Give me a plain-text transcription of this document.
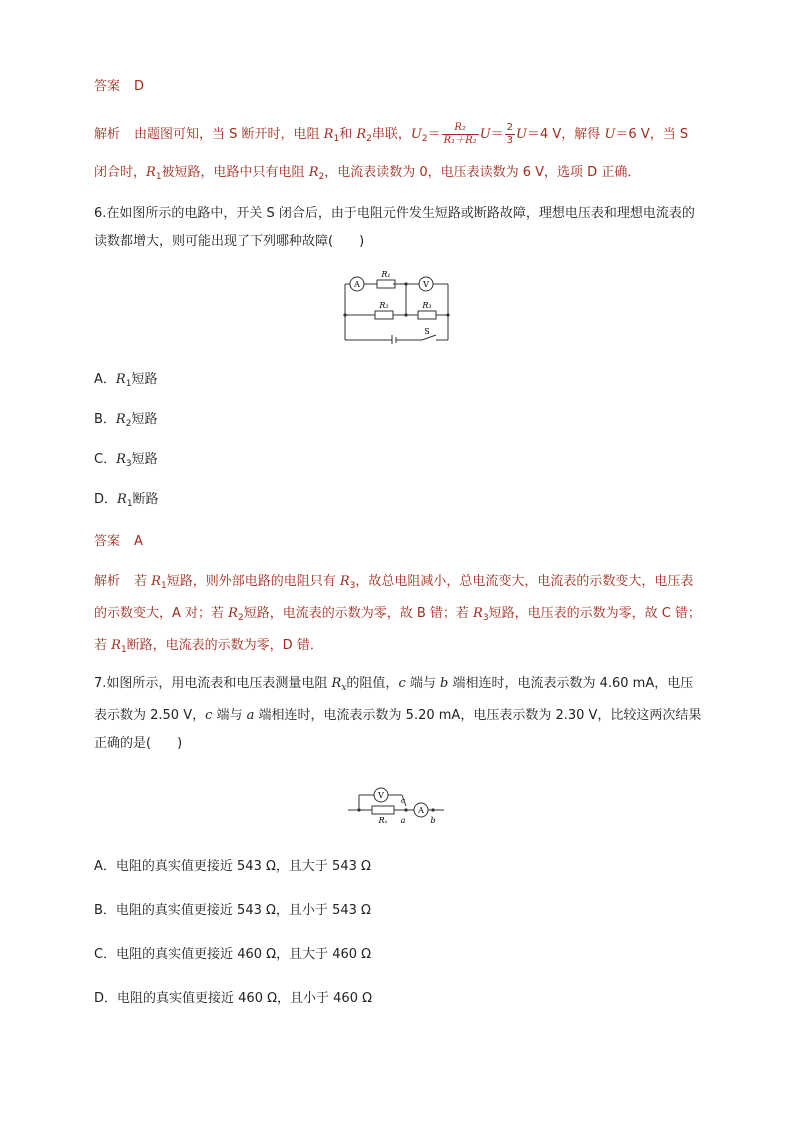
答案 D

解析 由题图可知，当 S 断开时，电阻 $R_1$和 $R_2$串联，$U_2= \frac{\text{R₂}}{\text{R₁＋R₂}} U= \frac{2}{3} U=4$ V，解得 U＝6 V，当 S
闭合时，$R_1$被短路，电路中只有电阻 $R_2$，电流表读数为 0，电压表读数为 6 V，选项 D 正确．

6.在如图所示的电路中，开关 S 闭合后，由于电阻元件发生短路或断路故障，理想电压表和理想电流表的读数都增大，则可能出现了下列哪种故障(　　)

A	V
R₁
R₂	R₃
S
A．$R_1$短路
B．$R_2$短路
C．$R_3$短路
D．$R_1$断路

答案 A

解析 若 $R_1$短路，则外部电路的电阻只有 $R_3$，故总电阻减小，总电流变大，电流表的示数变大，电压表的示数变大，A 对；若 $R_2$短路，电流表的示数为零，故 B 错；若 $R_3$短路，电压表的示数为零，故 C 错；若 $R_1$断路，电流表的示数为零，D 错．

7.如图所示，用电流表和电压表测量电阻 $R_x$的阻值，c 端与 b 端相连时，电流表示数为 4.60 mA，电压表示数为 2.50 V，c 端与 a 端相连时，电流表示数为 5.20 mA，电压表示数为 2.30 V，比较这两次结果正确的是(　　)

V
A
Rₓ a	b
c
A．电阻的真实值更接近 543 Ω，且大于 543 Ω
B．电阻的真实值更接近 543 Ω，且小于 543 Ω
C．电阻的真实值更接近 460 Ω，且大于 460 Ω
D．电阻的真实值更接近 460 Ω，且小于 460 Ω
